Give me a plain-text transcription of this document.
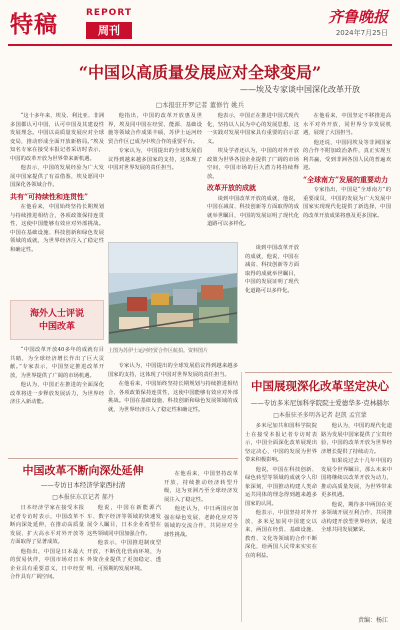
特稿	REPORT
周刊
齐鲁晚报
2024年7月25日
“中国以高质量发展应对全球变局”
——埃及专家谈中国深化改革开放
□本报驻开罗记者 董修竹 姚兵

“这十多年来，埃及、利比亚、非洲多国都认可中国，认可中国及其建设性发展理念。中国以高质量发展应对全球变局，推动形成全面开放新格局。”埃及知名专家在接受本报记者采访时表示，中国的改革开放为世界带来新机遇。

他表示，中国的发展经验为广大发展中国家提供了有益借鉴，埃及愿同中国深化各领域合作。

共有“可持续性和连贯性”

在他看来，中国始终坚持长期规划与持续推进相结合，各项政策保持连贯性，这使中国能够有效应对外部挑战。中国在基础设施、科技创新和绿色发展领域的成就，为世界经济注入了稳定性和确定性。

他指出，中国的改革开放惠及世界，埃及同中国在经贸、能源、基础设施等领域合作成果丰硕，苏伊士运河经贸合作区已成为中埃合作的重要平台。

专家认为，中国提出的全球发展倡议得到越来越多国家的支持，这体现了中国对世界发展的责任担当。

他表示，中国正在推进中国式现代化，坚持以人民为中心的发展思想，这一实践对发展中国家具有重要的启示意义。

埃及学者还认为，中国的对外开放政策为世界各国企业提供了广阔的市场空间，中国市场的巨大潜力将持续释放。

改革开放的成就

谈到中国改革开放的成就，他说，中国在减贫、科技创新等方面取得的成就举世瞩目，中国的发展证明了现代化道路可以多样化。

在他看来，中国坚定不移推进高水平对外开放，同世界分享发展机遇，展现了大国担当。

他还说，中国同埃及等非洲国家的合作不附加政治条件，真正实现互利共赢，受到非洲各国人民的普遍欢迎。

“全球南方”发展的重要动力

专家指出，中国是“全球南方”的重要成员，中国的发展为广大发展中国家实现现代化提供了新选择，中国的改革开放成果将惠及更多国家。

谈到中国改革开放的成就，他说，中国在减贫、科技创新等方面取得的成就举世瞩目，中国的发展证明了现代化道路可以多样化。

海外人士评说
中国改革
上图为苏伊士运河经贸合作区航拍。资料图片

“中国改革开放40多年的成就有目共睹，为全球经济增长作出了巨大贡献。”专家表示，中国坚定推进改革开放，为世界提供了广阔的市场机遇。

他认为，中国正在推进的全面深化改革将进一步释放发展活力，为世界经济注入新动能。

专家认为，中国提出的全球发展倡议得到越来越多国家的支持，这体现了中国对世界发展的责任担当。

在他看来，中国始终坚持长期规划与持续推进相结合，各项政策保持连贯性，这使中国能够有效应对外部挑战。中国在基础设施、科技创新和绿色发展领域的成就，为世界经济注入了稳定性和确定性。

中国展现深化改革坚定决心
——专访多米尼加科学院院士爱德华多·克林赫尔
□本报驻圣多明各记者 赵凯 孟宜蒙

多米尼加共和国科学院院士在接受本报记者专访时表示，中国全面深化改革展现出坚定决心，中国的发展为世界带来积极影响。

他说，中国在科技创新、绿色转型等领域的成就令人印象深刻，中国推动构建人类命运共同体的理念得到越来越多国家的认同。

他表示，中国坚持对外开放，多米尼加同中国建交以来，两国在经贸、基础设施、教育、文化等领域的合作不断深化，给两国人民带来实实在在的利益。

他认为，中国的现代化道路为发展中国家提供了宝贵经验，中国的改革开放为世界经济增长提供了持续动力。

如果说过去十几年中国的发展令世界瞩目，那么未来中国将继续以改革开放为动力，推动高质量发展，为世界带来更多机遇。

他说，期待多中两国在更多领域开展互利合作，共同推动构建开放型世界经济，促进全球共同发展繁荣。

中国改革不断向深处延伸
——专访日本经济学家西村清
□本报驻东京记者 郝丹

日本经济学家在接受本报记者专访时表示，中国改革不断向深处延伸，在推动高质量发展、扩大高水平对外开放等方面取得了显著成效。

他指出，中国是日本最大的贸易伙伴，中国市场对日本企业具有重要意义，日中经贸合作具有广阔空间。

他说，中国在新能源汽车、数字经济等领域的快速发展令人瞩目，日本企业希望在这些领域同中国加强合作。

他表示，中国推进制度型开放，不断优化营商环境，为外资企业提供了更加稳定、透明、可预期的发展环境。

在他看来，中国坚持改革开放，持续推动经济转型升级，这为亚洲乃至全球经济发展注入了稳定性。

他还认为，中日两国应加强在绿色发展、老龄化应对等领域的交流合作，共同应对全球性挑战。

责编：杨江
